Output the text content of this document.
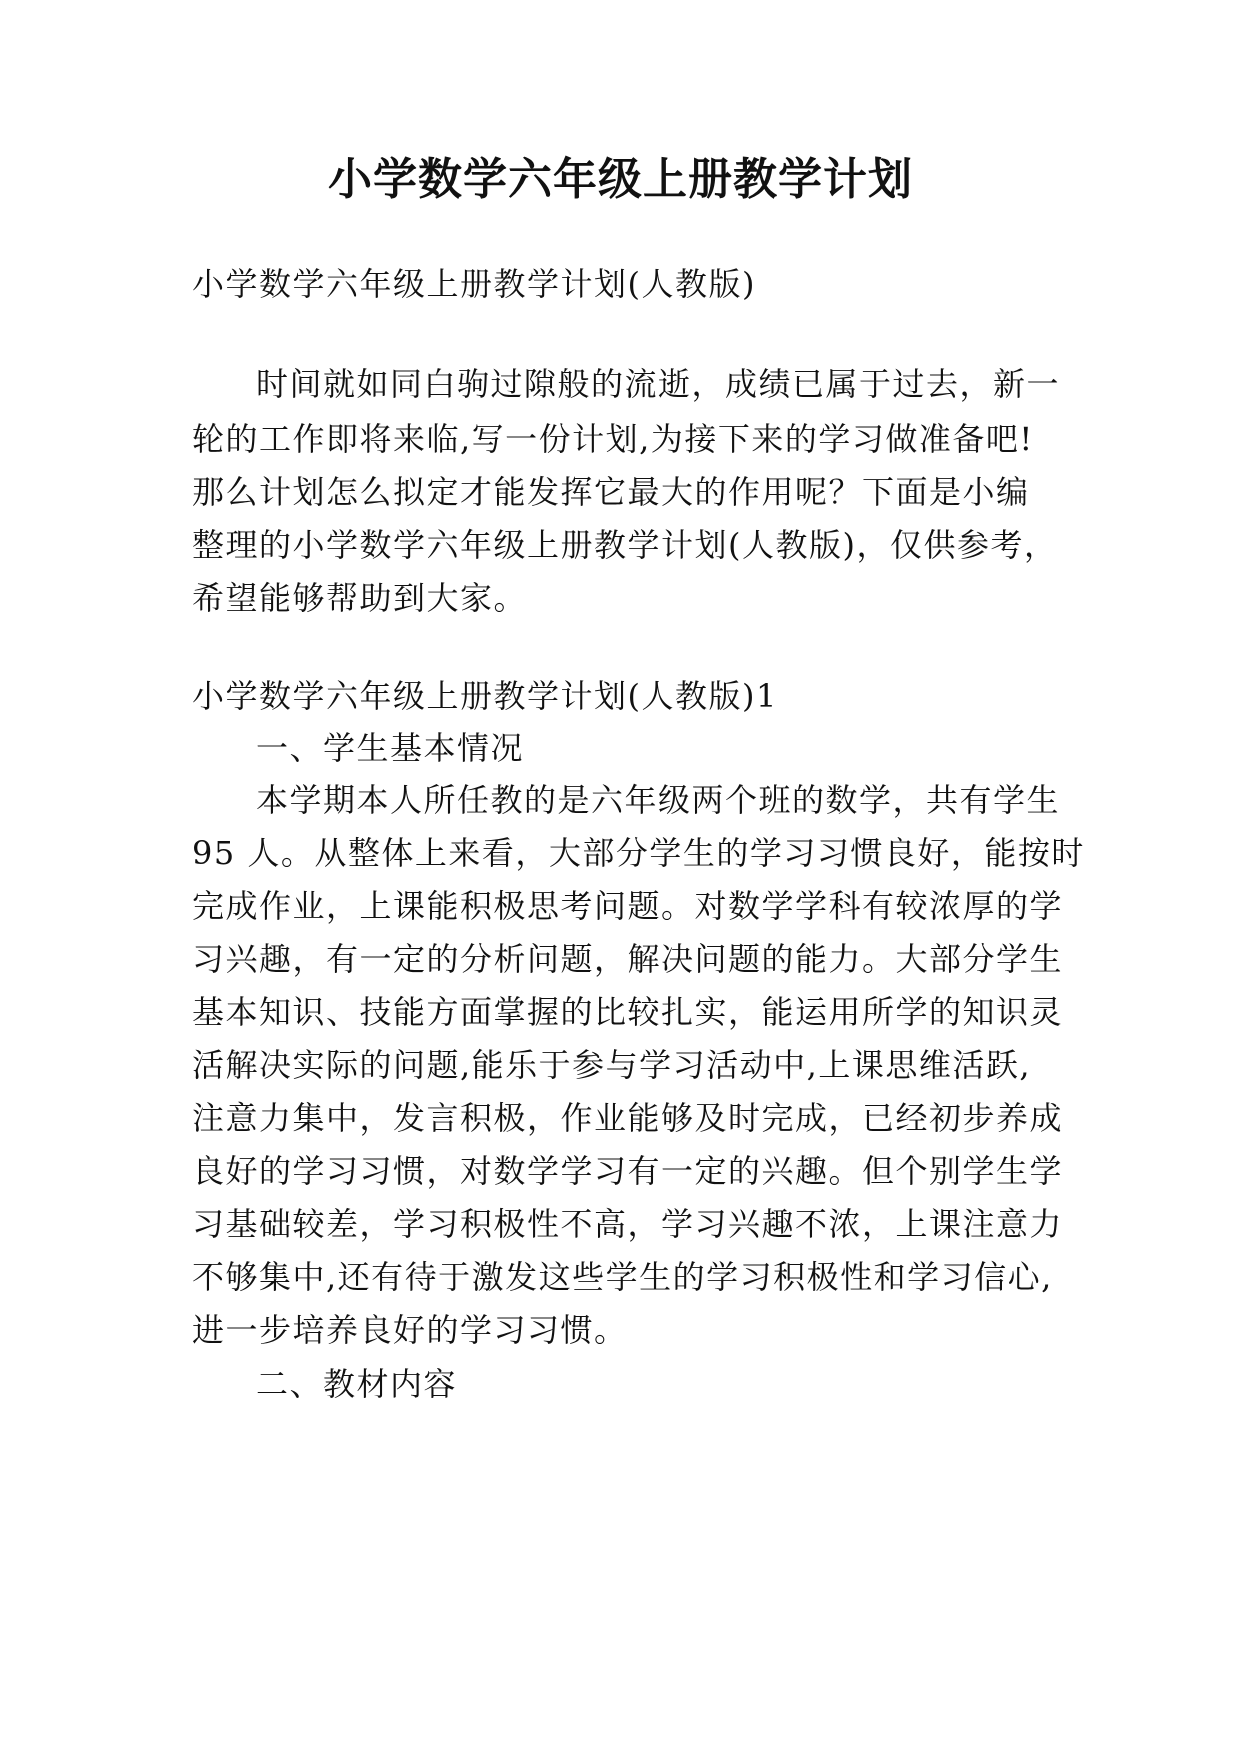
小学数学六年级上册教学计划
小学数学六年级上册教学计划(人教版)
时间就如同白驹过隙般的流逝，成绩已属于过去，新一
轮的工作即将来临,写一份计划,为接下来的学习做准备吧!
那么计划怎么拟定才能发挥它最大的作用呢？下面是小编
整理的小学数学六年级上册教学计划(人教版)，仅供参考，
希望能够帮助到大家。
小学数学六年级上册教学计划(人教版)1
一、学生基本情况
本学期本人所任教的是六年级两个班的数学，共有学生
95 人。从整体上来看，大部分学生的学习习惯良好，能按时
完成作业，上课能积极思考问题。对数学学科有较浓厚的学
习兴趣，有一定的分析问题，解决问题的能力。大部分学生
基本知识、技能方面掌握的比较扎实，能运用所学的知识灵
活解决实际的问题,能乐于参与学习活动中,上课思维活跃,
注意力集中，发言积极，作业能够及时完成，已经初步养成
良好的学习习惯，对数学学习有一定的兴趣。但个别学生学
习基础较差，学习积极性不高，学习兴趣不浓，上课注意力
不够集中,还有待于激发这些学生的学习积极性和学习信心,
进一步培养良好的学习习惯。
二、教材内容
